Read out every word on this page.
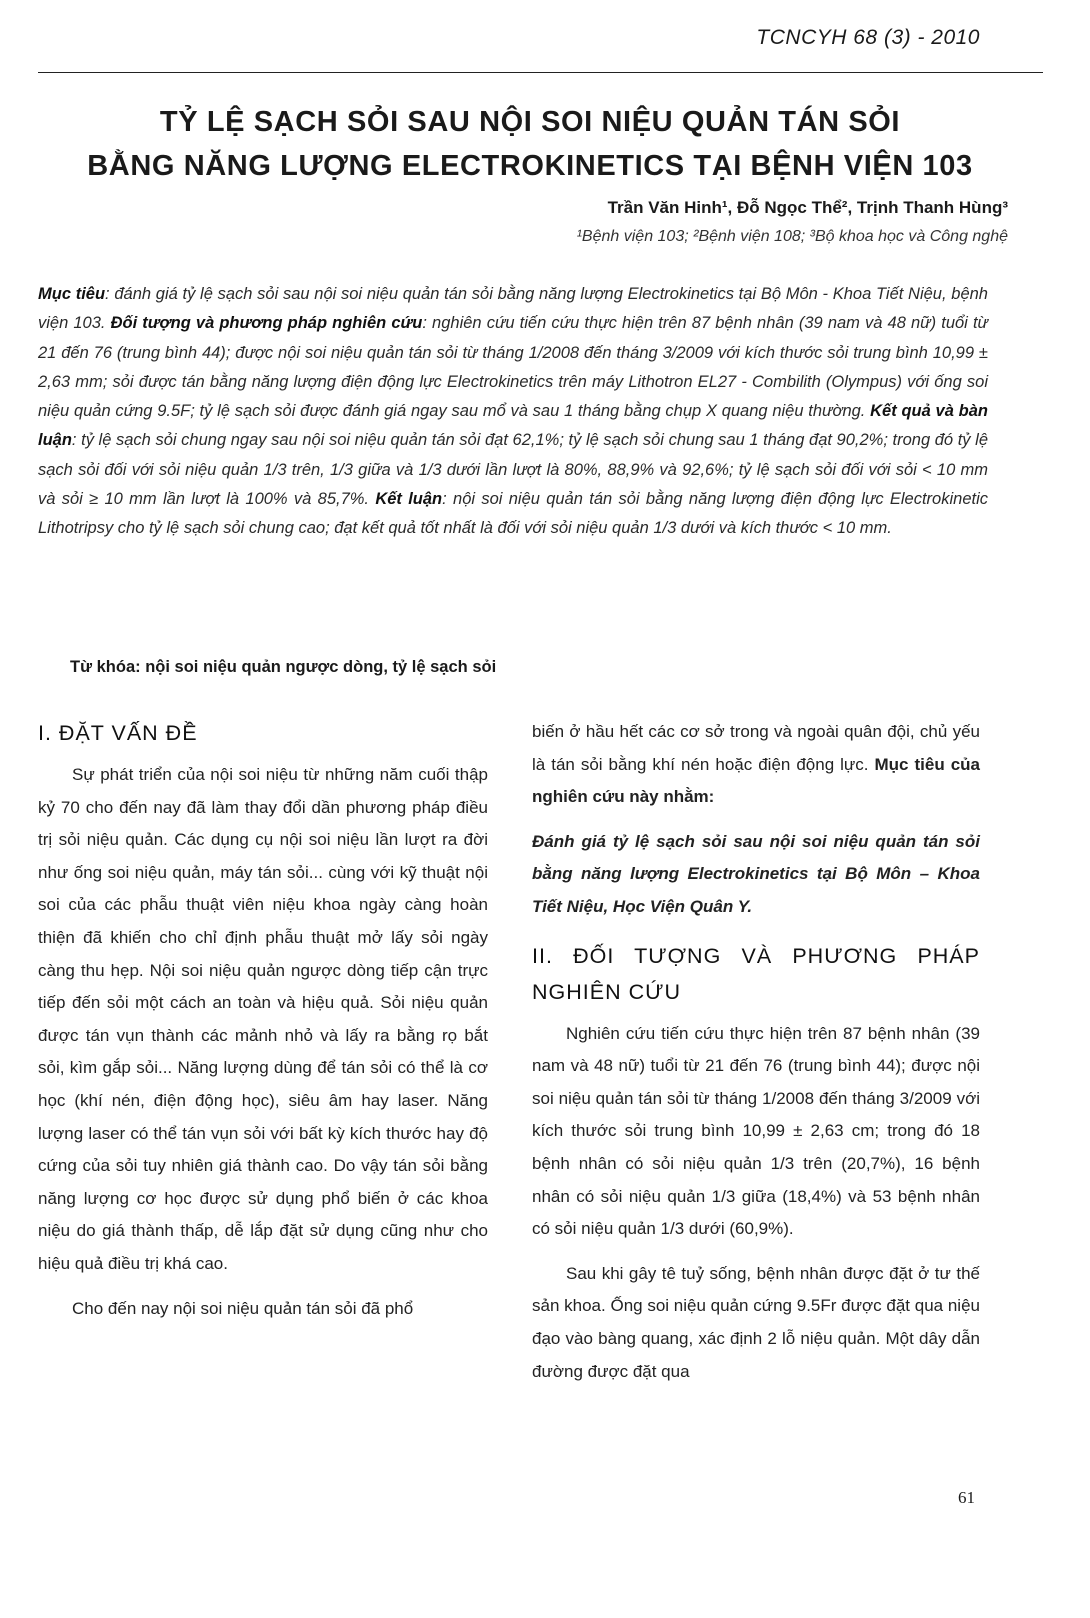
TCNCYH 68 (3) - 2010
TỶ LỆ SẠCH SỎI SAU NỘI SOI NIỆU QUẢN TÁN SỎI
BẰNG NĂNG LƯỢNG ELECTROKINETICS TẠI BỆNH VIỆN 103
Trần Văn Hinh¹, Đỗ Ngọc Thể², Trịnh Thanh Hùng³
¹Bệnh viện 103; ²Bệnh viện 108; ³Bộ khoa học và Công nghệ

Mục tiêu: đánh giá tỷ lệ sạch sỏi sau nội soi niệu quản tán sỏi bằng năng lượng Electrokinetics tại Bộ Môn - Khoa Tiết Niệu, bệnh viện 103. Đối tượng và phương pháp nghiên cứu: nghiên cứu tiến cứu thực hiện trên 87 bệnh nhân (39 nam và 48 nữ) tuổi từ 21 đến 76 (trung bình 44); được nội soi niệu quản tán sỏi từ tháng 1/2008 đến tháng 3/2009 với kích thước sỏi trung bình 10,99 ± 2,63 mm; sỏi được tán bằng năng lượng điện động lực Electrokinetics trên máy Lithotron EL27 - Combilith (Olympus) với ống soi niệu quản cứng 9.5F; tỷ lệ sạch sỏi được đánh giá ngay sau mổ và sau 1 tháng bằng chụp X quang niệu thường. Kết quả và bàn luận: tỷ lệ sạch sỏi chung ngay sau nội soi niệu quản tán sỏi đạt 62,1%; tỷ lệ sạch sỏi chung sau 1 tháng đạt 90,2%; trong đó tỷ lệ sạch sỏi đối với sỏi niệu quản 1/3 trên, 1/3 giữa và 1/3 dưới lần lượt là 80%, 88,9% và 92,6%; tỷ lệ sạch sỏi đối với sỏi < 10 mm và sỏi ≥ 10 mm lần lượt là 100% và 85,7%. Kết luận: nội soi niệu quản tán sỏi bằng năng lượng điện động lực Electrokinetic Lithotripsy cho tỷ lệ sạch sỏi chung cao; đạt kết quả tốt nhất là đối với sỏi niệu quản 1/3 dưới và kích thước < 10 mm.

Từ khóa: nội soi niệu quản ngược dòng, tỷ lệ sạch sỏi
I. ĐẶT VẤN ĐỀ

Sự phát triển của nội soi niệu từ những năm cuối thập kỷ 70 cho đến nay đã làm thay đổi dần phương pháp điều trị sỏi niệu quản. Các dụng cụ nội soi niệu lần lượt ra đời như ống soi niệu quản, máy tán sỏi... cùng với kỹ thuật nội soi của các phẫu thuật viên niệu khoa ngày càng hoàn thiện đã khiến cho chỉ định phẫu thuật mở lấy sỏi ngày càng thu hẹp. Nội soi niệu quản ngược dòng tiếp cận trực tiếp đến sỏi một cách an toàn và hiệu quả. Sỏi niệu quản được tán vụn thành các mảnh nhỏ và lấy ra bằng rọ bắt sỏi, kìm gắp sỏi... Năng lượng dùng để tán sỏi có thể là cơ học (khí nén, điện động học), siêu âm hay laser. Năng lượng laser có thể tán vụn sỏi với bất kỳ kích thước hay độ cứng của sỏi tuy nhiên giá thành cao. Do vậy tán sỏi bằng năng lượng cơ học được sử dụng phổ biến ở các khoa niệu do giá thành thấp, dễ lắp đặt sử dụng cũng như cho hiệu quả điều trị khá cao.

Cho đến nay nội soi niệu quản tán sỏi đã phổ

biến ở hầu hết các cơ sở trong và ngoài quân đội, chủ yếu là tán sỏi bằng khí nén hoặc điện động lực. Mục tiêu của nghiên cứu này nhằm:

Đánh giá tỷ lệ sạch sỏi sau nội soi niệu quản tán sỏi bằng năng lượng Electrokinetics tại Bộ Môn – Khoa Tiết Niệu, Học Viện Quân Y.

II. ĐỐI TƯỢNG VÀ PHƯƠNG PHÁP NGHIÊN CỨU

Nghiên cứu tiến cứu thực hiện trên 87 bệnh nhân (39 nam và 48 nữ) tuổi từ 21 đến 76 (trung bình 44); được nội soi niệu quản tán sỏi từ tháng 1/2008 đến tháng 3/2009 với kích thước sỏi trung bình 10,99 ± 2,63 cm; trong đó 18 bệnh nhân có sỏi niệu quản 1/3 trên (20,7%), 16 bệnh nhân có sỏi niệu quản 1/3 giữa (18,4%) và 53 bệnh nhân có sỏi niệu quản 1/3 dưới (60,9%).

Sau khi gây tê tuỷ sống, bệnh nhân được đặt ở tư thế sản khoa. Ống soi niệu quản cứng 9.5Fr được đặt qua niệu đạo vào bàng quang, xác định 2 lỗ niệu quản. Một dây dẫn đường được đặt qua

61
